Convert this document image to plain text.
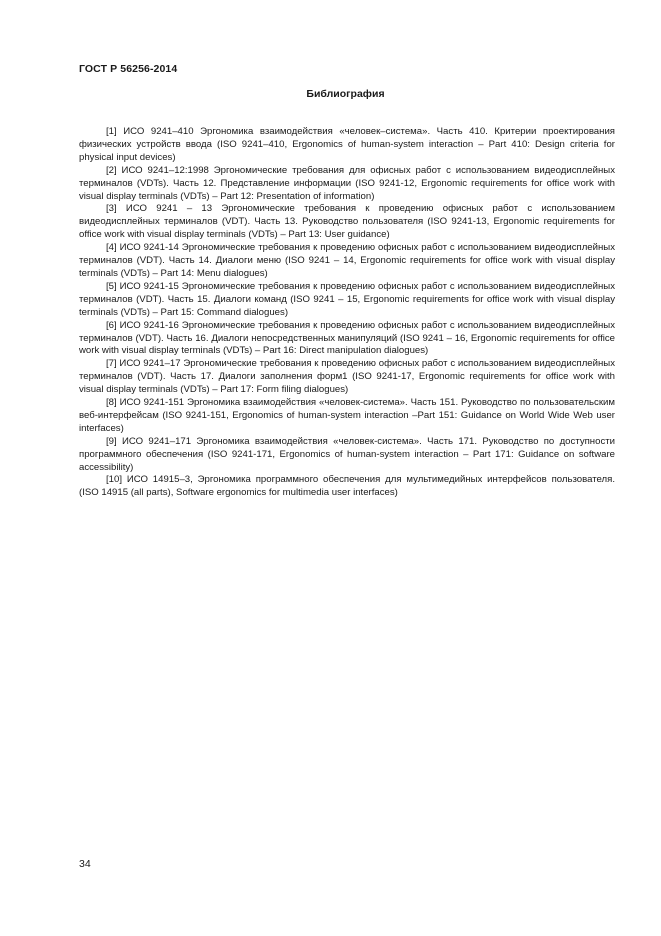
ГОСТ Р 56256-2014
Библиография

[1] ИСО 9241–410 Эргономика взаимодействия «человек–система». Часть 410. Критерии проектирования физических устройств ввода (ISO 9241–410, Ergonomics of human-system interaction – Part 410: Design criteria for physical input devices)

[2] ИСО 9241–12:1998 Эргономические требования для офисных работ с использованием видеодисплейных терминалов (VDTs). Часть 12. Представление информации (ISO 9241-12, Ergonomic requirements for office work with visual display terminals (VDTs) – Part 12: Presentation of information)

[3] ИСО 9241 – 13 Эргономические требования к проведению офисных работ с использованием видеодисплейных терминалов (VDT). Часть 13. Руководство пользователя (ISO 9241-13, Ergonomic requirements for office work with visual display terminals (VDTs) – Part 13: User guidance)

[4] ИСО 9241-14 Эргономические требования к проведению офисных работ с использованием видеодисплейных терминалов (VDT). Часть 14. Диалоги меню (ISO 9241 – 14, Ergonomic requirements for office work with visual display terminals (VDTs) – Part 14: Menu dialogues)

[5] ИСО 9241-15 Эргономические требования к проведению офисных работ с использованием видеодисплейных терминалов (VDT). Часть 15. Диалоги команд (ISO 9241 – 15, Ergonomic requirements for office work with visual display terminals (VDTs) – Part 15: Command dialogues)

[6] ИСО 9241-16 Эргономические требования к проведению офисных работ с использованием видеодисплейных терминалов (VDT). Часть 16. Диалоги непосредственных манипуляций (ISO 9241 – 16, Ergonomic requirements for office work with visual display terminals (VDTs) – Part 16: Direct manipulation dialogues)

[7] ИСО 9241–17 Эргономические требования к проведению офисных работ с использованием видеодисплейных терминалов (VDT). Часть 17. Диалоги заполнения форм1 (ISO 9241-17, Ergonomic requirements for office work with visual display terminals (VDTs) – Part 17: Form filing dialogues)

[8] ИСО 9241-151 Эргономика взаимодействия «человек-система». Часть 151. Руководство по пользовательским веб-интерфейсам (ISO 9241-151, Ergonomics of human-system interaction –Part 151: Guidance on World Wide Web user interfaces)

[9] ИСО 9241–171 Эргономика взаимодействия «человек-система». Часть 171. Руководство по доступности программного обеспечения (ISO 9241-171, Ergonomics of human-system interaction – Part 171: Guidance on software accessibility)

[10] ИСО 14915–3, Эргономика программного обеспечения для мультимедийных интерфейсов пользователя. (ISO 14915 (all parts), Software ergonomics for multimedia user interfaces)

34
